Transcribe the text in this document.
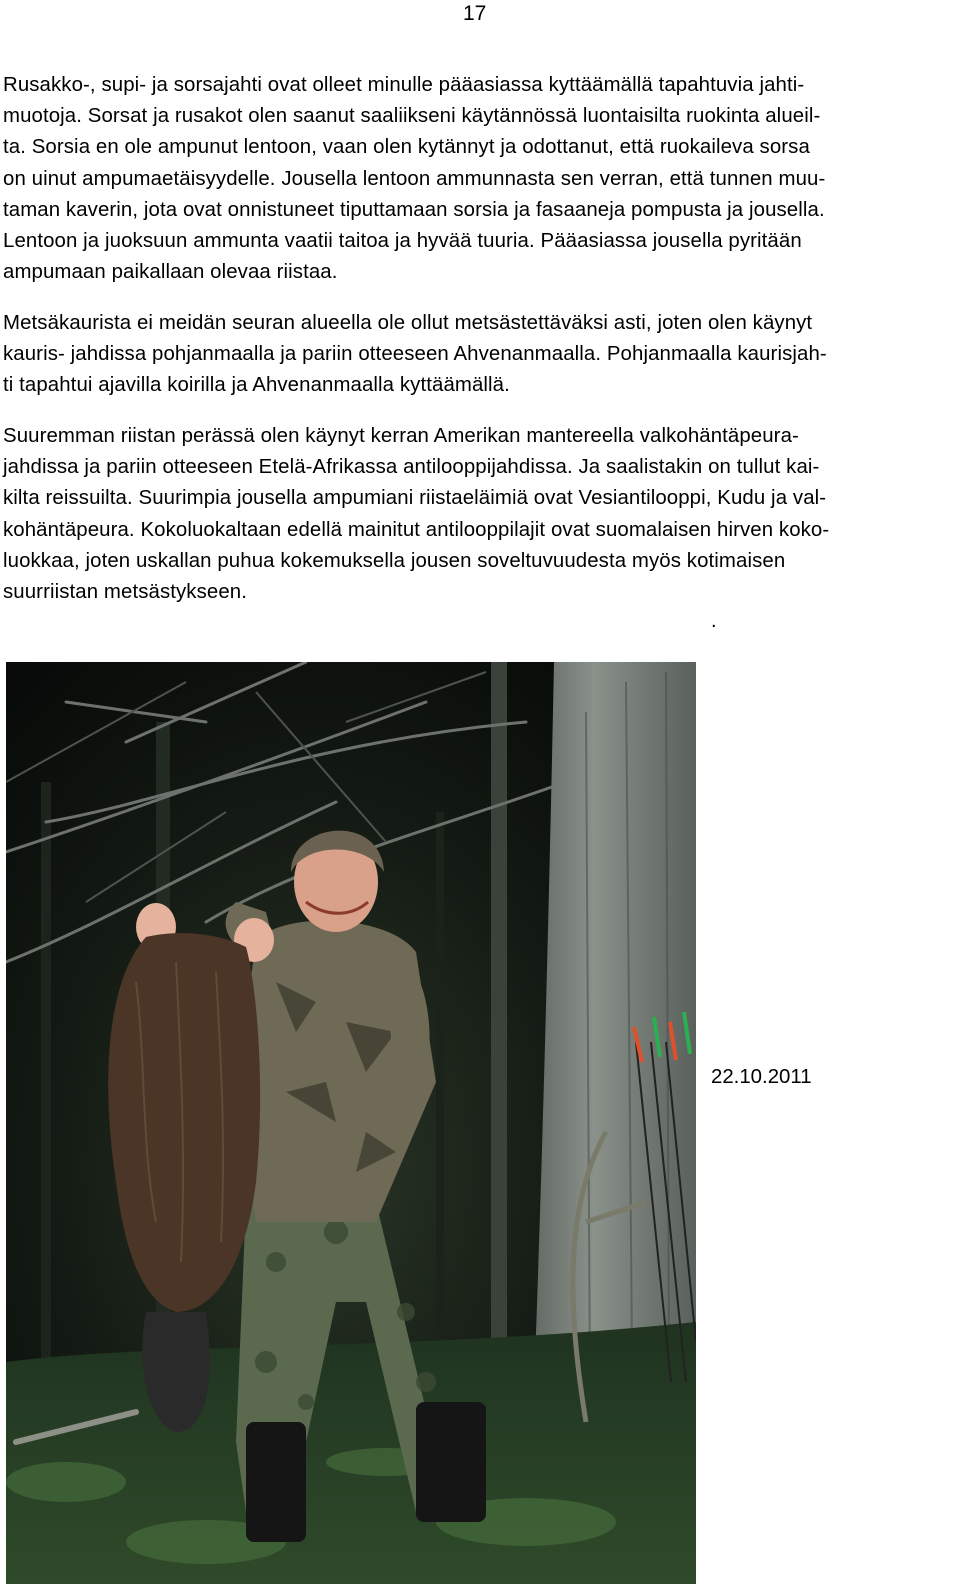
17

Rusakko-, supi- ja sorsajahti ovat olleet minulle pääasiassa kyttäämällä tapahtuvia jahti-
muotoja. Sorsat ja rusakot olen saanut saaliikseni käytännössä luontaisilta ruokinta alueil-
ta. Sorsia en ole ampunut lentoon, vaan olen kytännyt ja odottanut, että ruokaileva sorsa
on uinut ampumaetäisyydelle. Jousella lentoon ammunnasta sen verran, että tunnen muu-
taman kaverin, jota ovat onnistuneet tiputtamaan sorsia ja fasaaneja pompusta ja jousella.
Lentoon ja juoksuun ammunta vaatii taitoa ja hyvää tuuria. Pääasiassa jousella pyritään
ampumaan paikallaan olevaa riistaa.

Metsäkaurista ei meidän seuran alueella ole ollut metsästettäväksi asti, joten olen käynyt
kauris- jahdissa pohjanmaalla ja pariin otteeseen Ahvenanmaalla. Pohjanmaalla kaurisjah-
ti tapahtui ajavilla koirilla ja Ahvenanmaalla kyttäämällä.

Suuremman riistan perässä olen käynyt kerran Amerikan mantereella valkohäntäpeura-
jahdissa ja pariin otteeseen Etelä-Afrikassa antilooppijahdissa. Ja saalistakin on tullut kai-
kilta reissuilta. Suurimpia jousella ampumiani riistaeläimiä ovat Vesiantilooppi, Kudu ja val-
kohäntäpeura. Kokoluokaltaan edellä mainitut antilooppilajit ovat suomalaisen hirven koko-
luokkaa, joten uskallan puhua kokemuksella jousen soveltuvuudesta myös kotimaisen
suurriistan metsästykseen.

.
22.10.2011
